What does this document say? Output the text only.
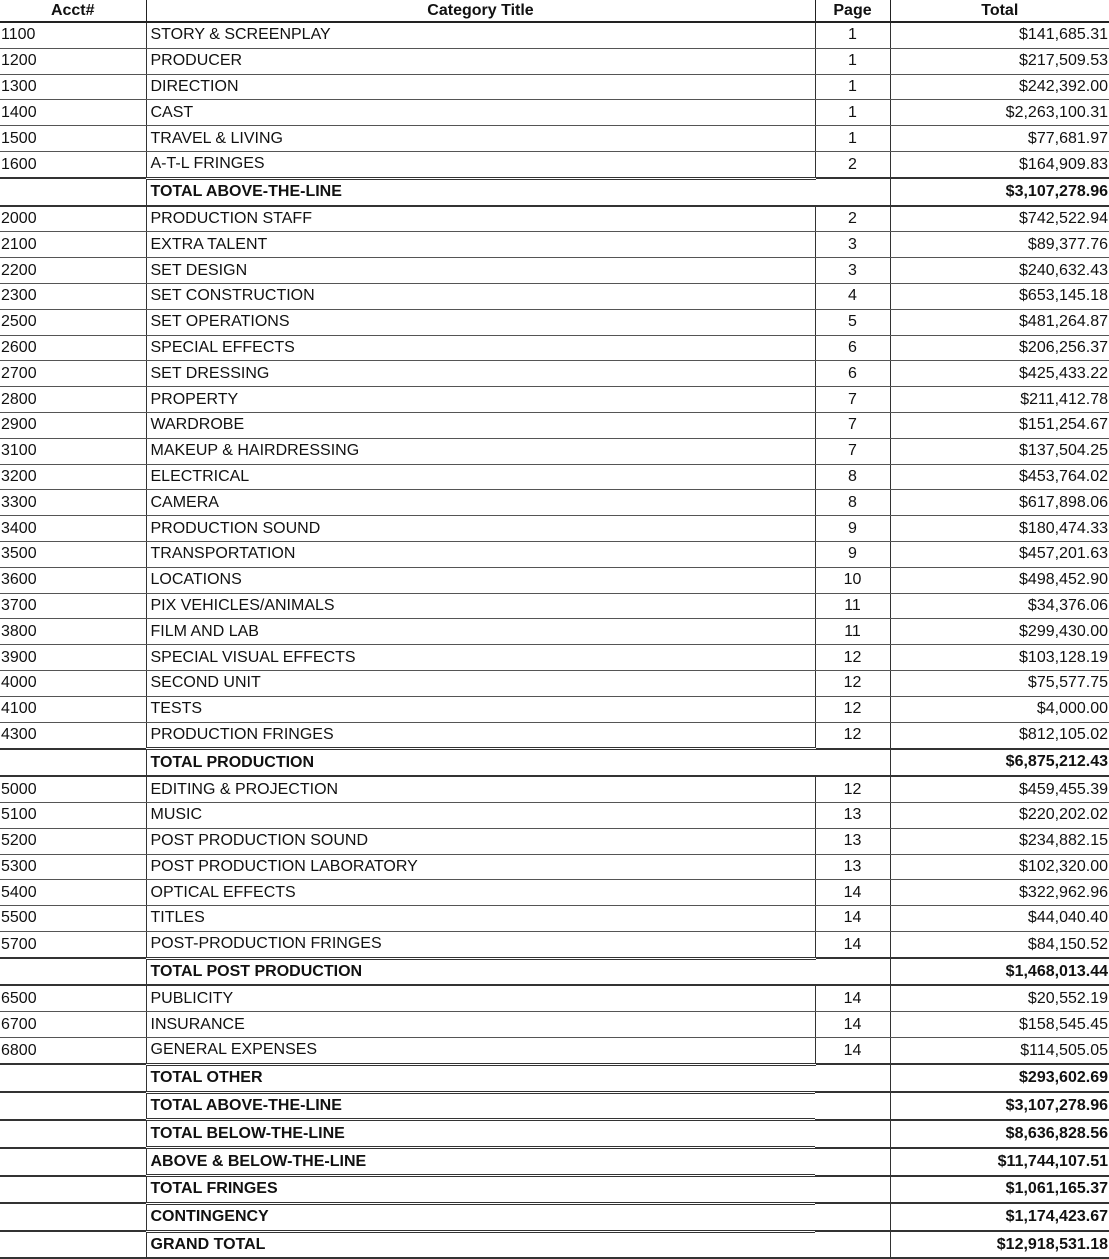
Acct#	Category Title	Page	Total
1100	STORY & SCREENPLAY	1	$141,685.31
1200	PRODUCER	1	$217,509.53
1300	DIRECTION	1	$242,392.00
1400	CAST	1	$2,263,100.31
1500	TRAVEL & LIVING	1	$77,681.97
1600	A-T-L FRINGES	2	$164,909.83
	TOTAL ABOVE-THE-LINE		$3,107,278.96
2000	PRODUCTION STAFF	2	$742,522.94
2100	EXTRA TALENT	3	$89,377.76
2200	SET DESIGN	3	$240,632.43
2300	SET CONSTRUCTION	4	$653,145.18
2500	SET OPERATIONS	5	$481,264.87
2600	SPECIAL EFFECTS	6	$206,256.37
2700	SET DRESSING	6	$425,433.22
2800	PROPERTY	7	$211,412.78
2900	WARDROBE	7	$151,254.67
3100	MAKEUP & HAIRDRESSING	7	$137,504.25
3200	ELECTRICAL	8	$453,764.02
3300	CAMERA	8	$617,898.06
3400	PRODUCTION SOUND	9	$180,474.33
3500	TRANSPORTATION	9	$457,201.63
3600	LOCATIONS	10	$498,452.90
3700	PIX VEHICLES/ANIMALS	11	$34,376.06
3800	FILM AND LAB	11	$299,430.00
3900	SPECIAL VISUAL EFFECTS	12	$103,128.19
4000	SECOND UNIT	12	$75,577.75
4100	TESTS	12	$4,000.00
4300	PRODUCTION FRINGES	12	$812,105.02
	TOTAL PRODUCTION		$6,875,212.43
5000	EDITING & PROJECTION	12	$459,455.39
5100	MUSIC	13	$220,202.02
5200	POST PRODUCTION SOUND	13	$234,882.15
5300	POST PRODUCTION LABORATORY	13	$102,320.00
5400	OPTICAL EFFECTS	14	$322,962.96
5500	TITLES	14	$44,040.40
5700	POST-PRODUCTION FRINGES	14	$84,150.52
	TOTAL POST PRODUCTION		$1,468,013.44
6500	PUBLICITY	14	$20,552.19
6700	INSURANCE	14	$158,545.45
6800	GENERAL EXPENSES	14	$114,505.05
	TOTAL OTHER		$293,602.69
	TOTAL ABOVE-THE-LINE		$3,107,278.96
	TOTAL BELOW-THE-LINE		$8,636,828.56
	ABOVE & BELOW-THE-LINE		$11,744,107.51
	TOTAL FRINGES		$1,061,165.37
	CONTINGENCY		$1,174,423.67
	GRAND TOTAL		$12,918,531.18
